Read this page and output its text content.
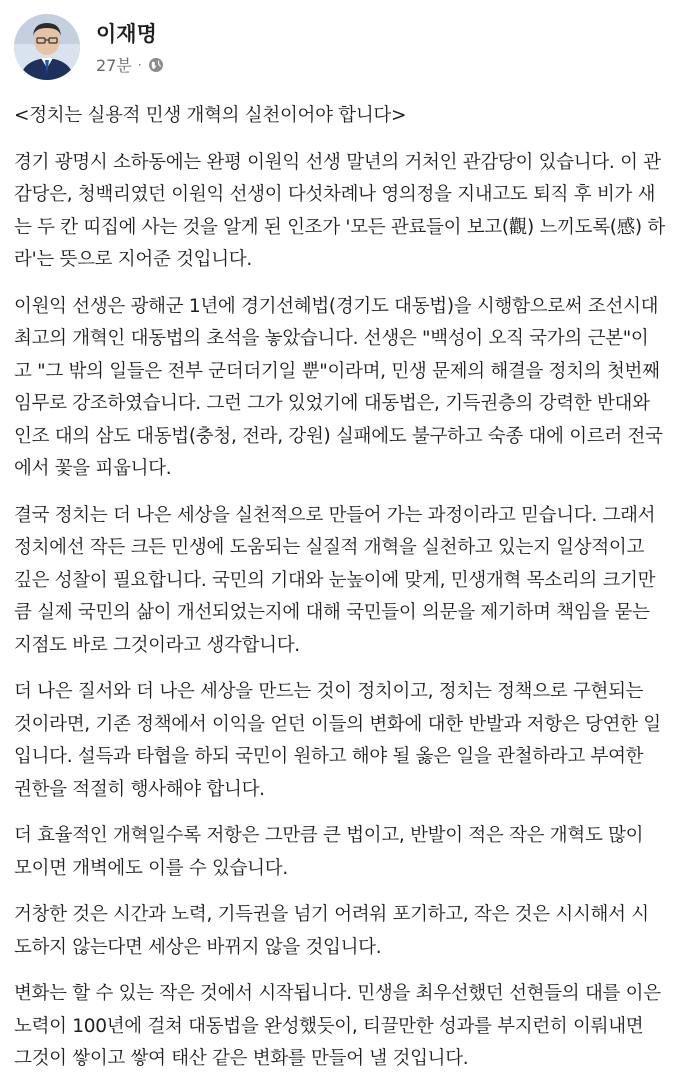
이재명
27분 ·
<정치는 실용적 민생 개혁의 실천이어야 합니다>

경기 광명시 소하동에는 완평 이원익 선생 말년의 거처인 관감당이 있습니다. 이 관감당은, 청백리였던 이원익 선생이 다섯차례나 영의정을 지내고도 퇴직 후 비가 새는 두 칸 띠집에 사는 것을 알게 된 인조가 '모든 관료들이 보고(觀) 느끼도록(感) 하라'는 뜻으로 지어준 것입니다.

이원익 선생은 광해군 1년에 경기선혜법(경기도 대동법)을 시행함으로써 조선시대 최고의 개혁인 대동법의 초석을 놓았습니다. 선생은 "백성이 오직 국가의 근본"이고 "그 밖의 일들은 전부 군더더기일 뿐"이라며, 민생 문제의 해결을 정치의 첫번째 임무로 강조하였습니다. 그런 그가 있었기에 대동법은, 기득권층의 강력한 반대와 인조 대의 삼도 대동법(충청, 전라, 강원) 실패에도 불구하고 숙종 대에 이르러 전국에서 꽃을 피웁니다.

결국 정치는 더 나은 세상을 실천적으로 만들어 가는 과정이라고 믿습니다. 그래서 정치에선 작든 크든 민생에 도움되는 실질적 개혁을 실천하고 있는지 일상적이고 깊은 성찰이 필요합니다. 국민의 기대와 눈높이에 맞게, 민생개혁 목소리의 크기만큼 실제 국민의 삶이 개선되었는지에 대해 국민들이 의문을 제기하며 책임을 묻는 지점도 바로 그것이라고 생각합니다.

더 나은 질서와 더 나은 세상을 만드는 것이 정치이고, 정치는 정책으로 구현되는 것이라면, 기존 정책에서 이익을 얻던 이들의 변화에 대한 반발과 저항은 당연한 일입니다. 설득과 타협을 하되 국민이 원하고 해야 될 옳은 일을 관철하라고 부여한 권한을 적절히 행사해야 합니다.

더 효율적인 개혁일수록 저항은 그만큼 큰 법이고, 반발이 적은 작은 개혁도 많이 모이면 개벽에도 이를 수 있습니다.

거창한 것은 시간과 노력, 기득권을 넘기 어려워 포기하고, 작은 것은 시시해서 시도하지 않는다면 세상은 바뀌지 않을 것입니다.

변화는 할 수 있는 작은 것에서 시작됩니다. 민생을 최우선했던 선현들의 대를 이은 노력이 100년에 걸쳐 대동법을 완성했듯이, 티끌만한 성과를 부지런히 이뤄내면 그것이 쌓이고 쌓여 태산 같은 변화를 만들어 낼 것입니다.
